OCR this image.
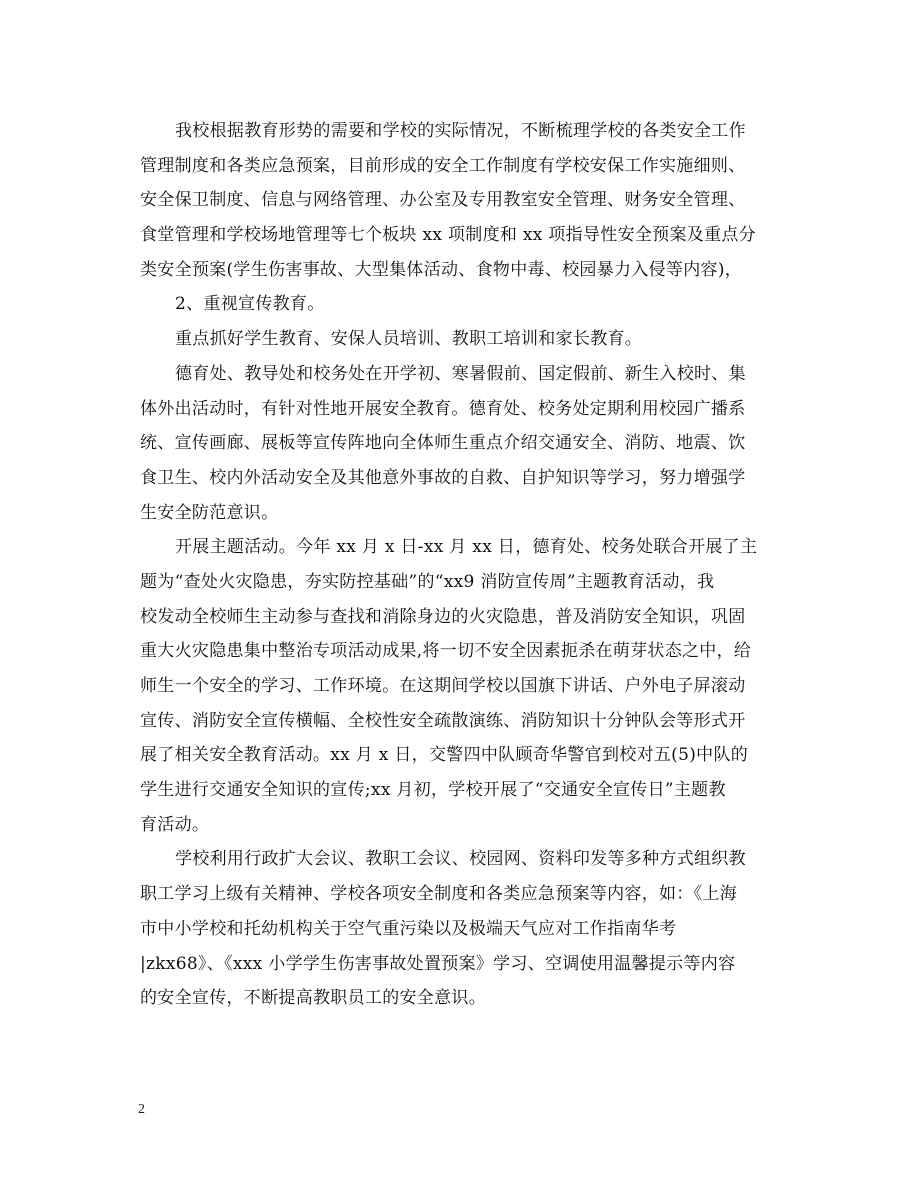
我校根据教育形势的需要和学校的实际情况，不断梳理学校的各类安全工作
管理制度和各类应急预案，目前形成的安全工作制度有学校安保工作实施细则、
安全保卫制度、信息与网络管理、办公室及专用教室安全管理、财务安全管理、
食堂管理和学校场地管理等七个板块 xx 项制度和 xx 项指导性安全预案及重点分
类安全预案(学生伤害事故、大型集体活动、食物中毒、校园暴力入侵等内容)，
2、重视宣传教育。
重点抓好学生教育、安保人员培训、教职工培训和家长教育。
德育处、教导处和校务处在开学初、寒暑假前、国定假前、新生入校时、集
体外出活动时，有针对性地开展安全教育。德育处、校务处定期利用校园广播系
统、宣传画廊、展板等宣传阵地向全体师生重点介绍交通安全、消防、地震、饮
食卫生、校内外活动安全及其他意外事故的自救、自护知识等学习，努力增强学
生安全防范意识。
开展主题活动。今年 xx 月 x 日-xx 月 xx 日，德育处、校务处联合开展了主
题为“查处火灾隐患，夯实防控基础”的“xx9 消防宣传周”主题教育活动，我
校发动全校师生主动参与查找和消除身边的火灾隐患，普及消防安全知识，巩固
重大火灾隐患集中整治专项活动成果,将一切不安全因素扼杀在萌芽状态之中，给
师生一个安全的学习、工作环境。在这期间学校以国旗下讲话、户外电子屏滚动
宣传、消防安全宣传横幅、全校性安全疏散演练、消防知识十分钟队会等形式开
展了相关安全教育活动。xx 月 x 日，交警四中队顾奇华警官到校对五(5)中队的
学生进行交通安全知识的宣传;xx 月初，学校开展了“交通安全宣传日”主题教
育活动。
学校利用行政扩大会议、教职工会议、校园网、资料印发等多种方式组织教
职工学习上级有关精神、学校各项安全制度和各类应急预案等内容，如：《上海
市中小学校和托幼机构关于空气重污染以及极端天气应对工作指南华考
|zkx68》、《xxx 小学学生伤害事故处置预案》学习、空调使用温馨提示等内容
的安全宣传，不断提高教职员工的安全意识。
2
